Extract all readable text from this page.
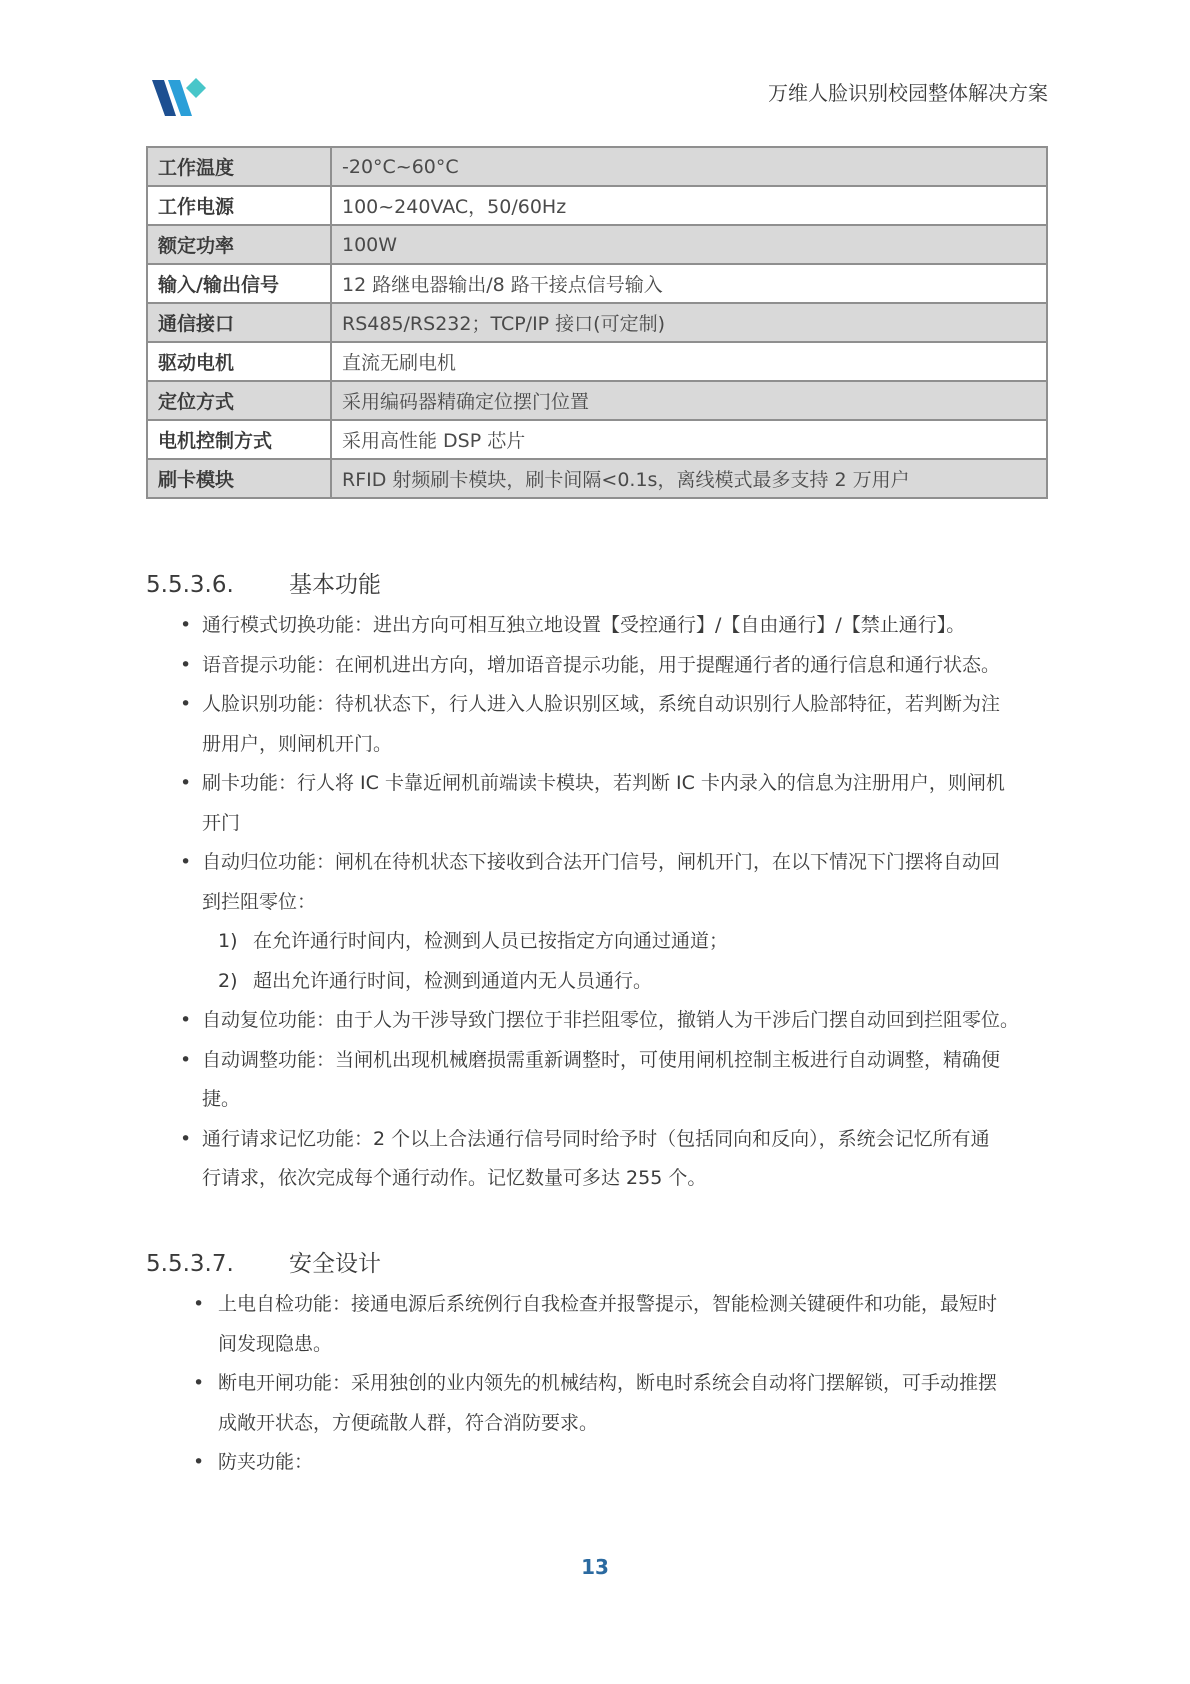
万维人脸识别校园整体解决方案
工作温度	-20°C~60°C
工作电源	100~240VAC，50/60Hz
额定功率	100W
输入/输出信号	12 路继电器输出/8 路干接点信号输入
通信接口	RS485/RS232；TCP/IP 接口(可定制)
驱动电机	直流无刷电机
定位方式	采用编码器精确定位摆门位置
电机控制方式	采用高性能 DSP 芯片
刷卡模块	RFID 射频刷卡模块，刷卡间隔<0.1s，离线模式最多支持 2 万用户
5.5.3.6. 基本功能
• 通行模式切换功能：进出方向可相互独立地设置【受控通行】/【自由通行】/【禁止通行】。
• 语音提示功能：在闸机进出方向，增加语音提示功能，用于提醒通行者的通行信息和通行状态。
• 人脸识别功能：待机状态下，行人进入人脸识别区域，系统自动识别行人脸部特征，若判断为注
册用户，则闸机开门。
• 刷卡功能：行人将 IC 卡靠近闸机前端读卡模块，若判断 IC 卡内录入的信息为注册用户，则闸机
开门
• 自动归位功能：闸机在待机状态下接收到合法开门信号，闸机开门，在以下情况下门摆将自动回
到拦阻零位：
1) 在允许通行时间内，检测到人员已按指定方向通过通道；
2) 超出允许通行时间，检测到通道内无人员通行。
• 自动复位功能：由于人为干涉导致门摆位于非拦阻零位，撤销人为干涉后门摆自动回到拦阻零位。
• 自动调整功能：当闸机出现机械磨损需重新调整时，可使用闸机控制主板进行自动调整，精确便
捷。
• 通行请求记忆功能：2 个以上合法通行信号同时给予时（包括同向和反向），系统会记忆所有通
行请求，依次完成每个通行动作。记忆数量可多达 255 个。
5.5.3.7. 安全设计
• 上电自检功能：接通电源后系统例行自我检查并报警提示，智能检测关键硬件和功能，最短时
间发现隐患。
• 断电开闸功能：采用独创的业内领先的机械结构，断电时系统会自动将门摆解锁，可手动推摆
成敞开状态，方便疏散人群，符合消防要求。
• 防夹功能：
13
